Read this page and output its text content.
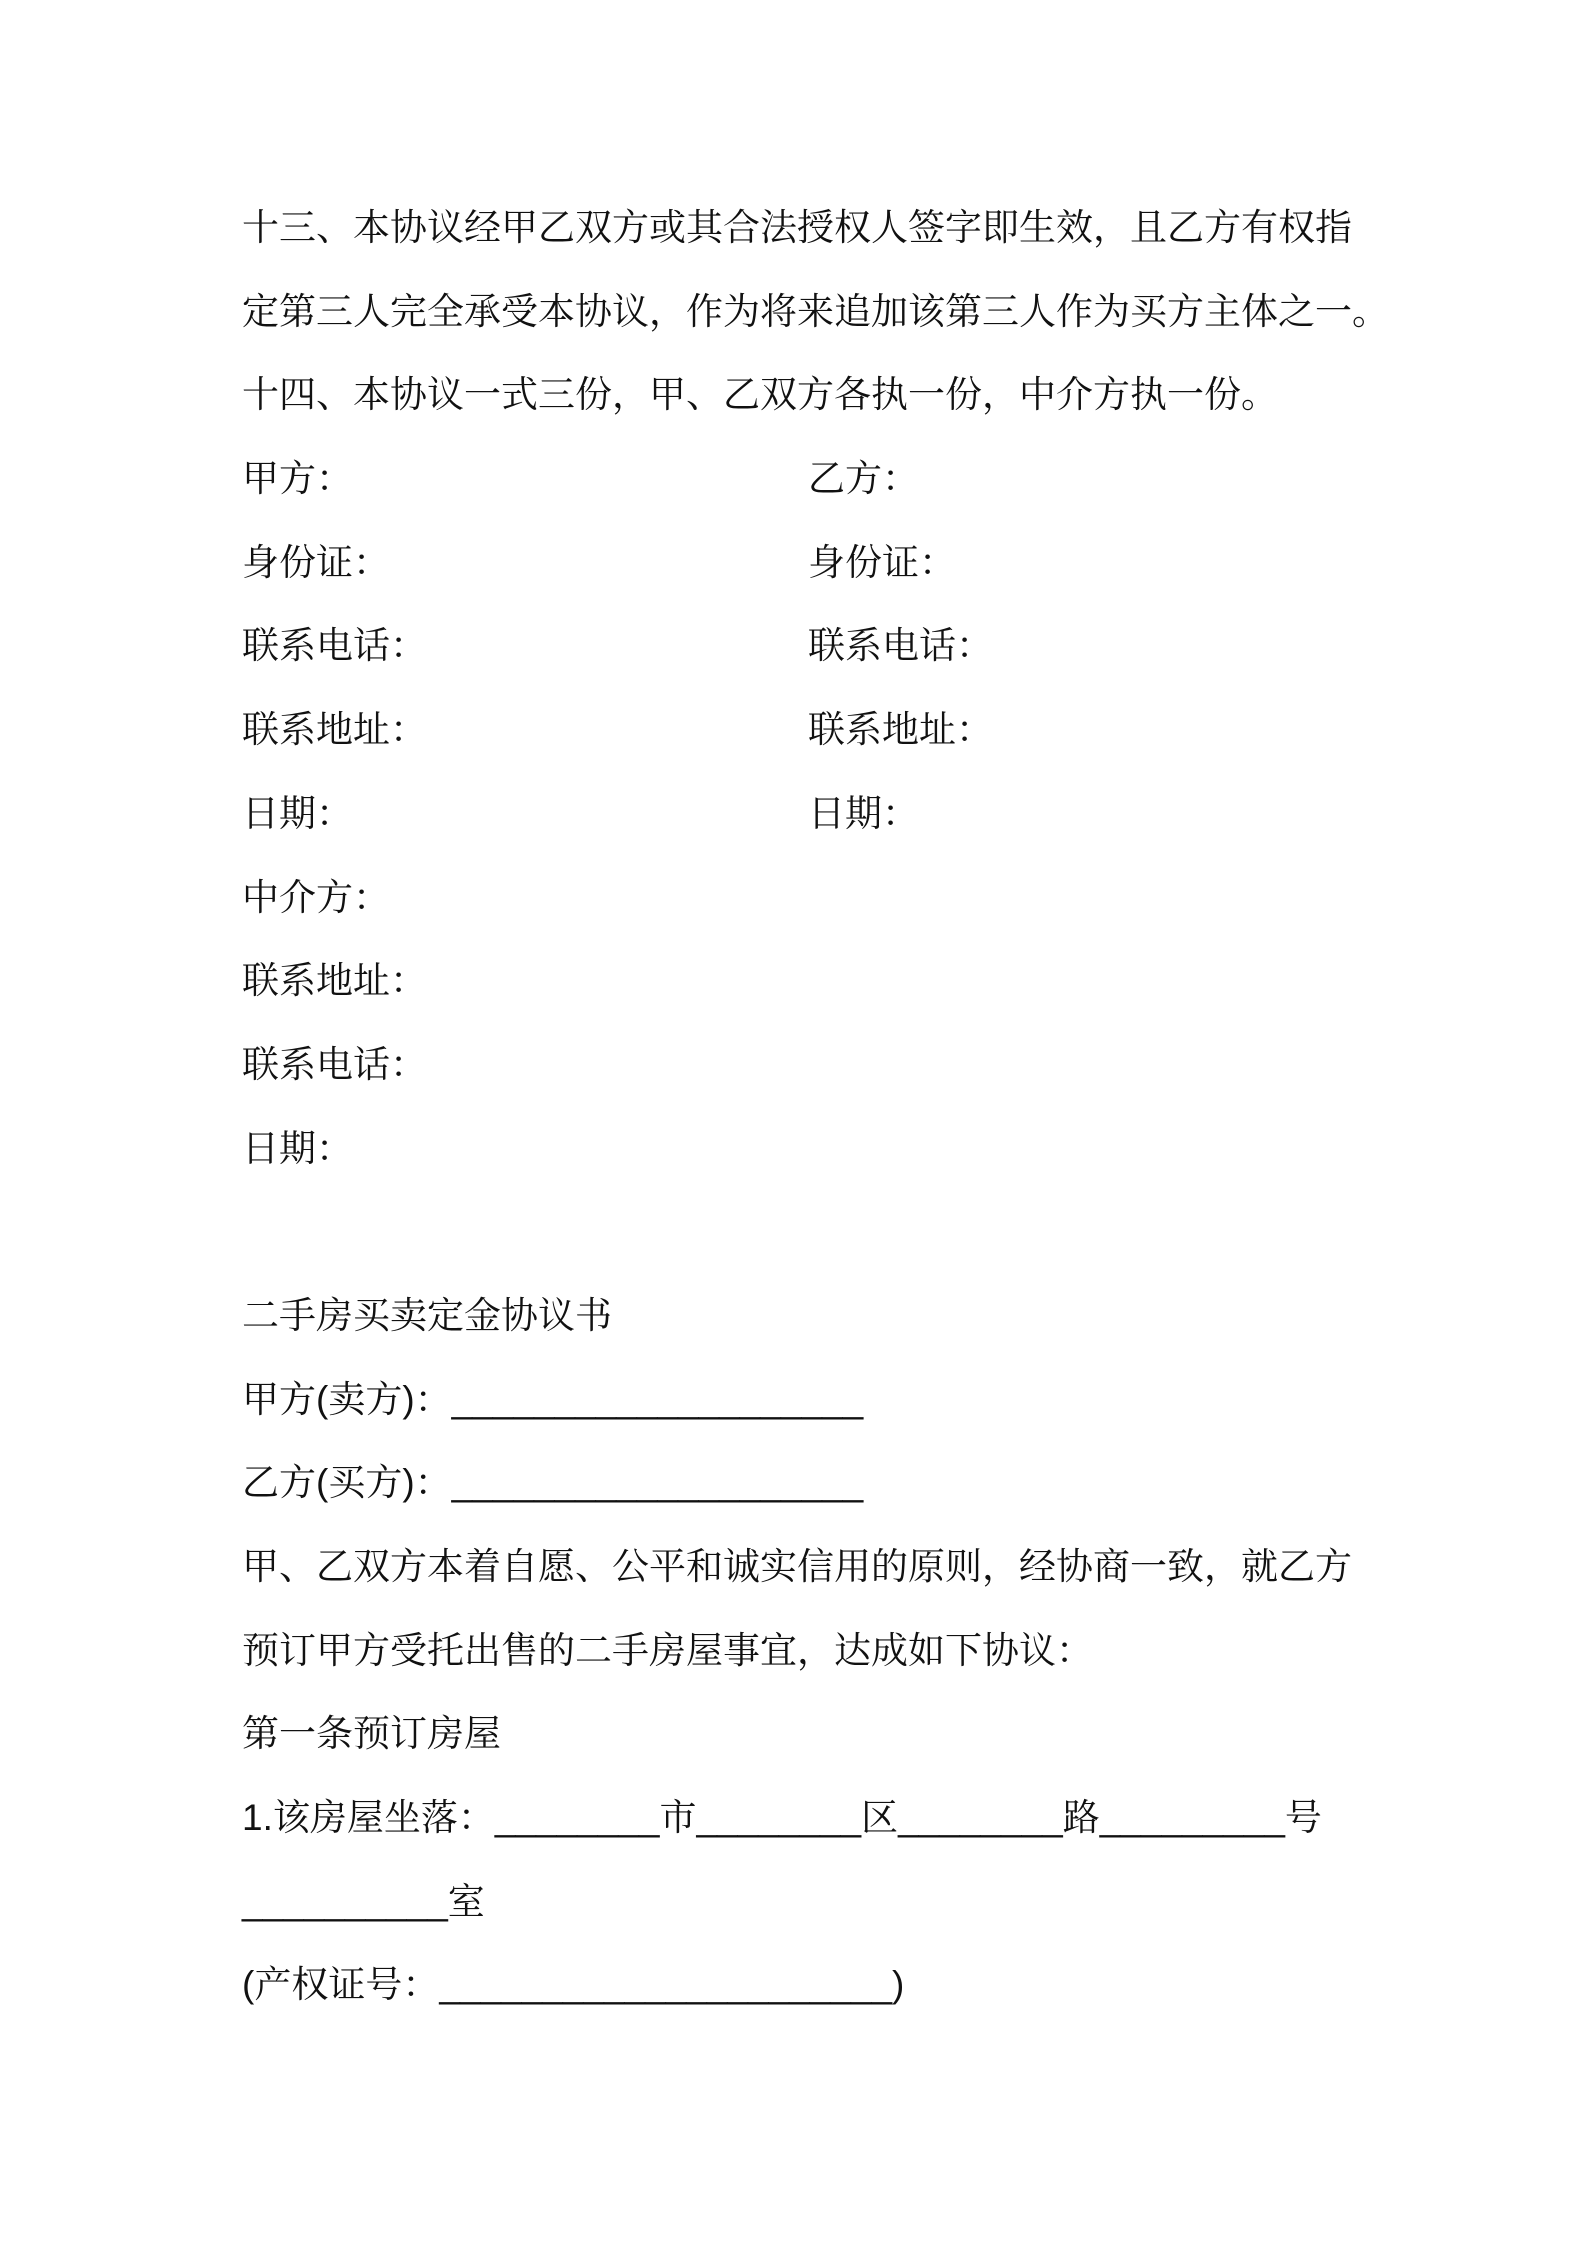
十三、本协议经甲乙双方或其合法授权人签字即生效，且乙方有权指
定第三人完全承受本协议，作为将来追加该第三人作为买方主体之一。
十四、本协议一式三份，甲、乙双方各执一份，中介方执一份。
甲方：	乙方：
身份证：	身份证：
联系电话：	联系电话：
联系地址：	联系地址：
日期：	日期：
中介方：
联系地址：
联系电话：
日期：
二手房买卖定金协议书
甲方(卖方)：____________________
乙方(买方)：____________________
甲、乙双方本着自愿、公平和诚实信用的原则，经协商一致，就乙方
预订甲方受托出售的二手房屋事宜，达成如下协议：
第一条预订房屋
1.该房屋坐落：________市________区________路_________号
__________室
(产权证号：______________________)
